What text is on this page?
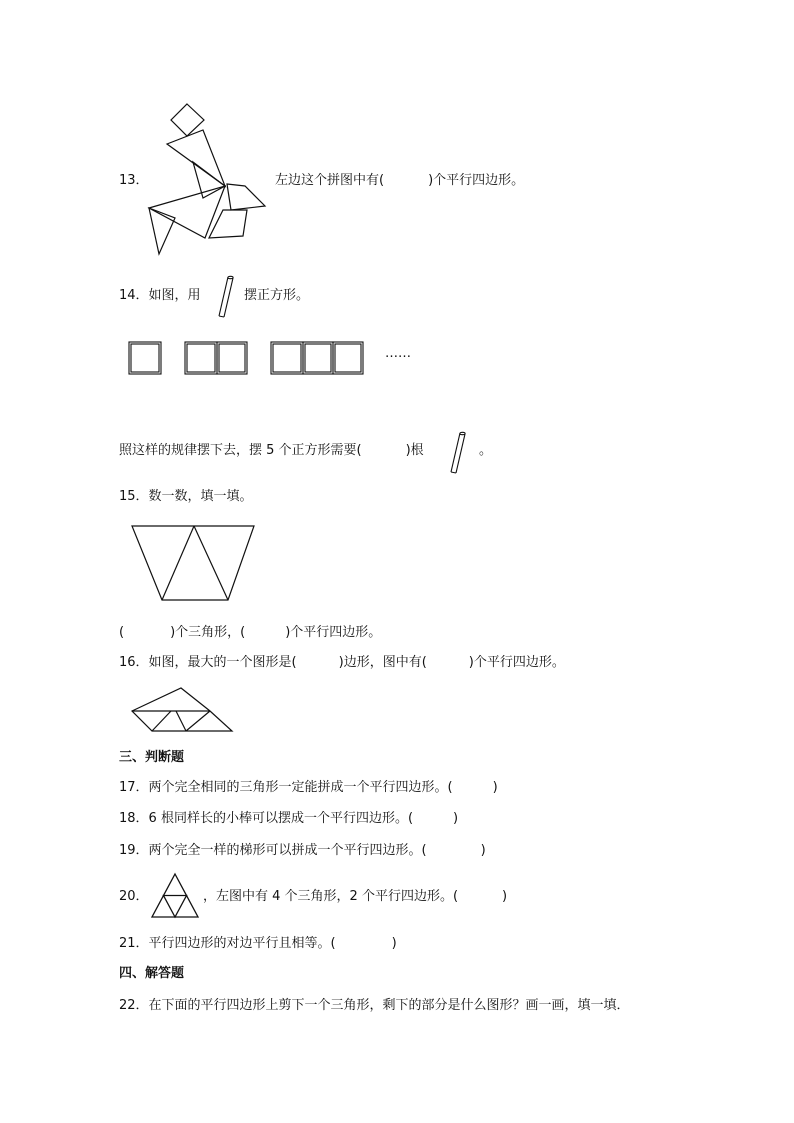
13．	左边这个拼图中有(	)个平行四边形。
14．如图，用	摆正方形。
……
照这样的规律摆下去，摆 5 个正方形需要(	)根	。
15．数一数，填一填。
(	)个三角形，(	)个平行四边形。
16．如图，最大的一个图形是(	)边形，图中有(	)个平行四边形。
三、判断题
17．两个完全相同的三角形一定能拼成一个平行四边形。(	)
18．6 根同样长的小棒可以摆成一个平行四边形。(	)
19．两个完全一样的梯形可以拼成一个平行四边形。(	)
20．	，左图中有 4 个三角形，2 个平行四边形。(	)
21．平行四边形的对边平行且相等。(	)
四、解答题
22．在下面的平行四边形上剪下一个三角形，剩下的部分是什么图形？画一画，填一填．
